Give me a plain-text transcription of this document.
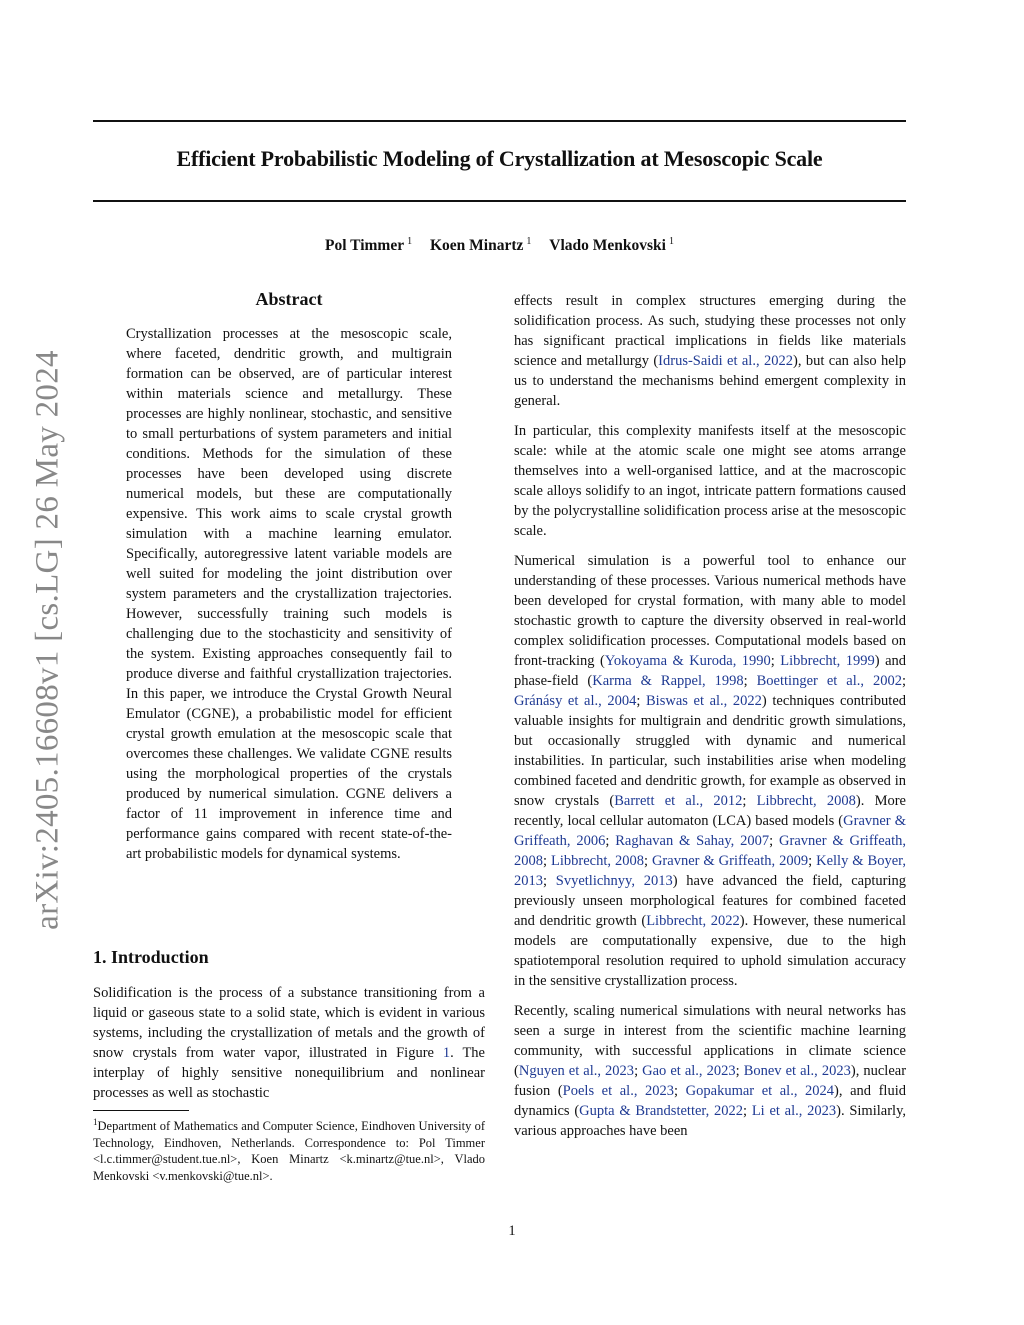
arXiv:2405.16608v1 [cs.LG] 26 May 2024
Efficient Probabilistic Modeling of Crystallization at Mesoscopic Scale
Pol Timmer $^1$ Koen Minartz $^1$ Vlado Menkovski $^1$
Abstract
Crystallization processes at the mesoscopic scale, where faceted, dendritic growth, and multigrain formation can be observed, are of particular interest within materials science and metallurgy. These processes are highly nonlinear, stochastic, and sensitive to small perturbations of system parameters and initial conditions. Methods for the simulation of these processes have been developed using discrete numerical models, but these are computationally expensive. This work aims to scale crystal growth simulation with a machine learning emulator. Specifically, autoregressive latent variable models are well suited for modeling the joint distribution over system parameters and the crystallization trajectories. However, successfully training such models is challenging due to the stochasticity and sensitivity of the system. Existing approaches consequently fail to produce diverse and faithful crystallization trajectories. In this paper, we introduce the Crystal Growth Neural Emulator (CGNE), a probabilistic model for efficient crystal growth emulation at the mesoscopic scale that overcomes these challenges. We validate CGNE results using the morphological properties of the crystals produced by numerical simulation. CGNE delivers a factor of 11 improvement in inference time and performance gains compared with recent state-of-the-art probabilistic models for dynamical systems.
1. Introduction
Solidification is the process of a substance transitioning from a liquid or gaseous state to a solid state, which is evident in various systems, including the crystallization of metals and the growth of snow crystals from water vapor, illustrated in Figure 1. The interplay of highly sensitive nonequilibrium and nonlinear processes as well as stochastic
$^1$Department of Mathematics and Computer Science, Eindhoven University of Technology, Eindhoven, Netherlands. Correspondence to: Pol Timmer <l.c.timmer@student.tue.nl>, Koen Minartz <k.minartz@tue.nl>, Vlado Menkovski <v.menkovski@tue.nl>.

effects result in complex structures emerging during the solidification process. As such, studying these processes not only has significant practical implications in fields like materials science and metallurgy (Idrus-Saidi et al., 2022), but can also help us to understand the mechanisms behind emergent complexity in general.

In particular, this complexity manifests itself at the mesoscopic scale: while at the atomic scale one might see atoms arrange themselves into a well-organised lattice, and at the macroscopic scale alloys solidify to an ingot, intricate pattern formations caused by the polycrystalline solidification process arise at the mesoscopic scale.

Numerical simulation is a powerful tool to enhance our understanding of these processes. Various numerical methods have been developed for crystal formation, with many able to model stochastic growth to capture the diversity observed in real-world complex solidification processes. Computational models based on front-tracking (Yokoyama & Kuroda, 1990; Libbrecht, 1999) and phase-field (Karma & Rappel, 1998; Boettinger et al., 2002; Gránásy et al., 2004; Biswas et al., 2022) techniques contributed valuable insights for multigrain and dendritic growth simulations, but occasionally struggled with dynamic and numerical instabilities. In particular, such instabilities arise when modeling combined faceted and dendritic growth, for example as observed in snow crystals (Barrett et al., 2012; Libbrecht, 2008). More recently, local cellular automaton (LCA) based models (Gravner & Griffeath, 2006; Raghavan & Sahay, 2007; Gravner & Griffeath, 2008; Libbrecht, 2008; Gravner & Griffeath, 2009; Kelly & Boyer, 2013; Svyetlichnyy, 2013) have advanced the field, capturing previously unseen morphological features for combined faceted and dendritic growth (Libbrecht, 2022). However, these numerical models are computationally expensive, due to the high spatiotemporal resolution required to uphold simulation accuracy in the sensitive crystallization process.

Recently, scaling numerical simulations with neural networks has seen a surge in interest from the scientific machine learning community, with successful applications in climate science (Nguyen et al., 2023; Gao et al., 2023; Bonev et al., 2023), nuclear fusion (Poels et al., 2023; Gopakumar et al., 2024), and fluid dynamics (Gupta & Brandstetter, 2022; Li et al., 2023). Similarly, various approaches have been

1
